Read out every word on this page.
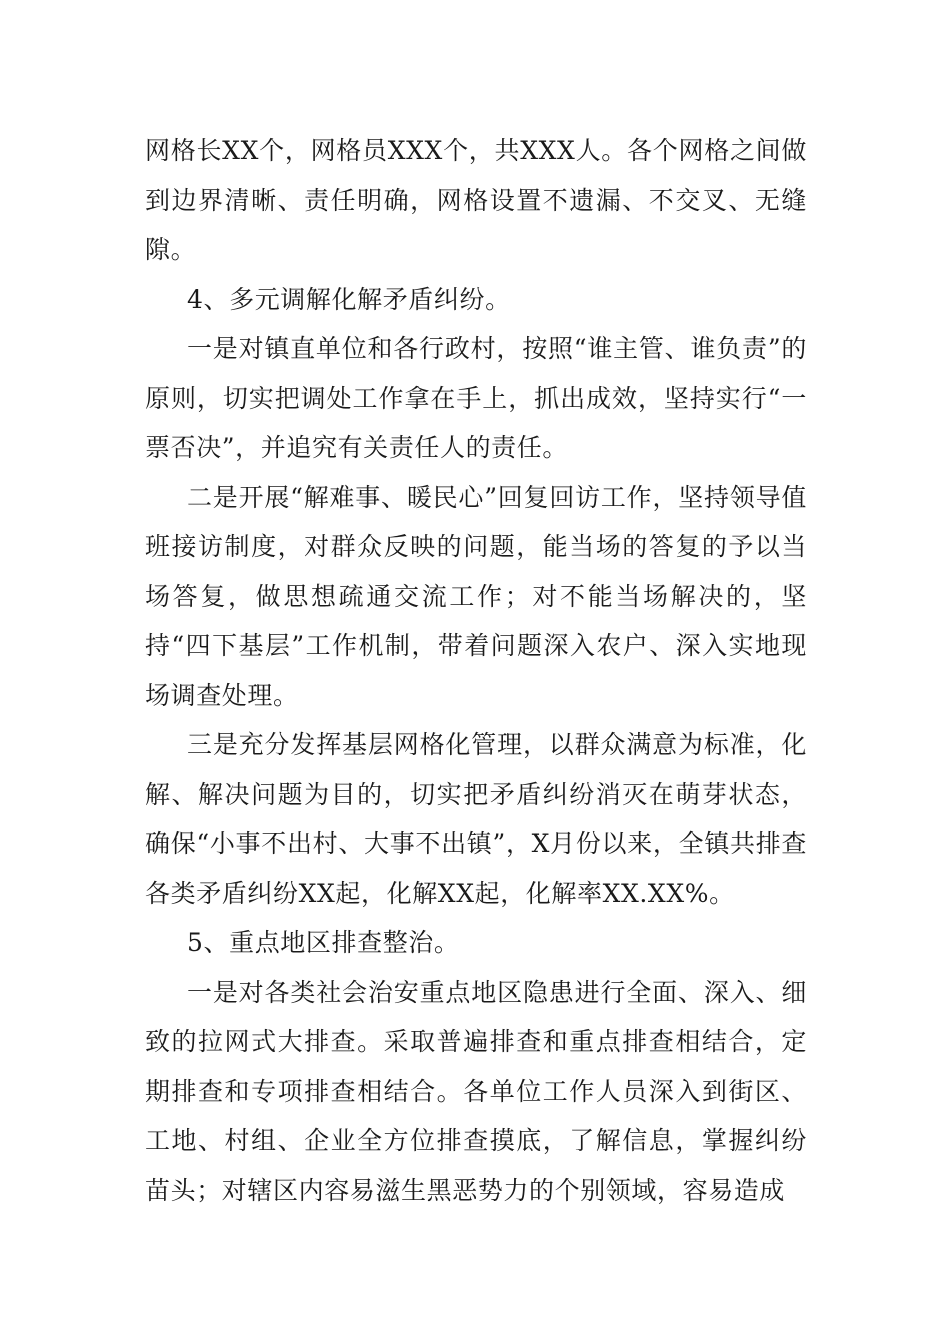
网格长XX个，网格员XXX个，共XXX人。各个网格之间做到边界清晰、责任明确，网格设置不遗漏、不交叉、无缝隙。

4、多元调解化解矛盾纠纷。

一是对镇直单位和各行政村，按照“谁主管、谁负责”的原则，切实把调处工作拿在手上，抓出成效，坚持实行“一票否决”，并追究有关责任人的责任。

二是开展“解难事、暖民心”回复回访工作，坚持领导值班接访制度，对群众反映的问题，能当场的答复的予以当场答复，做思想疏通交流工作；对不能当场解决的，坚持“四下基层”工作机制，带着问题深入农户、深入实地现场调查处理。

三是充分发挥基层网格化管理，以群众满意为标准，化解、解决问题为目的，切实把矛盾纠纷消灭在萌芽状态，确保“小事不出村、大事不出镇”，X月份以来，全镇共排查各类矛盾纠纷XX起，化解XX起，化解率XX.XX%。

5、重点地区排查整治。

一是对各类社会治安重点地区隐患进行全面、深入、细致的拉网式大排查。采取普遍排查和重点排查相结合，定期排查和专项排查相结合。各单位工作人员深入到街区、工地、村组、企业全方位排查摸底，了解信息，掌握纠纷苗头；对辖区内容易滋生黑恶势力的个别领域，容易造成
